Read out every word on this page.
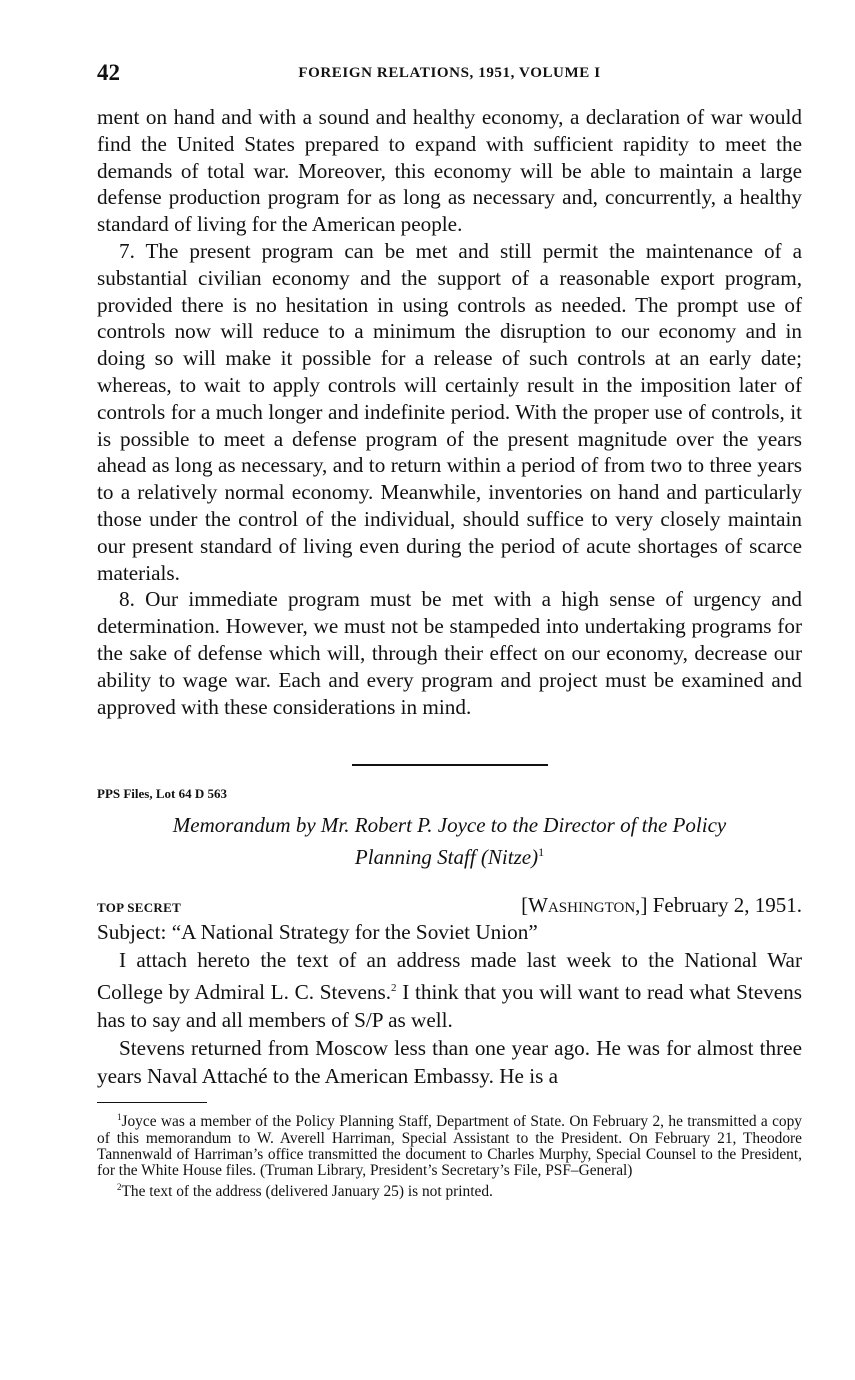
42	FOREIGN RELATIONS, 1951, VOLUME I

ment on hand and with a sound and healthy economy, a declaration of war would find the United States prepared to expand with sufficient rapidity to meet the demands of total war. Moreover, this economy will be able to maintain a large defense production program for as long as necessary and, concurrently, a healthy standard of living for the American people.

7. The present program can be met and still permit the maintenance of a substantial civilian economy and the support of a reasonable export program, provided there is no hesitation in using controls as needed. The prompt use of controls now will reduce to a minimum the disruption to our economy and in doing so will make it possible for a release of such controls at an early date; whereas, to wait to apply controls will certainly result in the imposition later of controls for a much longer and indefinite period. With the proper use of controls, it is possible to meet a defense program of the present magnitude over the years ahead as long as necessary, and to return within a period of from two to three years to a relatively normal economy. Meanwhile, inventories on hand and particularly those under the control of the individual, should suffice to very closely maintain our present standard of living even during the period of acute shortages of scarce materials.

8. Our immediate program must be met with a high sense of urgency and determination. However, we must not be stampeded into undertaking programs for the sake of defense which will, through their effect on our economy, decrease our ability to wage war. Each and every program and project must be examined and approved with these considerations in mind.

PPS Files, Lot 64 D 563

Memorandum by Mr. Robert P. Joyce to the Director of the Policy
Planning Staff (Nitze)$^1$

TOP SECRET	[Washington,] February 2, 1951.

Subject: “A National Strategy for the Soviet Union”

I attach hereto the text of an address made last week to the National War College by Admiral L. C. Stevens.$^2$ I think that you will want to read what Stevens has to say and all members of S/P as well.

Stevens returned from Moscow less than one year ago. He was for almost three years Naval Attaché to the American Embassy. He is a

$^1$Joyce was a member of the Policy Planning Staff, Department of State. On February 2, he transmitted a copy of this memorandum to W. Averell Harriman, Special Assistant to the President. On February 21, Theodore Tannenwald of Harriman’s office transmitted the document to Charles Murphy, Special Counsel to the President, for the White House files. (Truman Library, President’s Secretary’s File, PSF–General)

$^2$The text of the address (delivered January 25) is not printed.
